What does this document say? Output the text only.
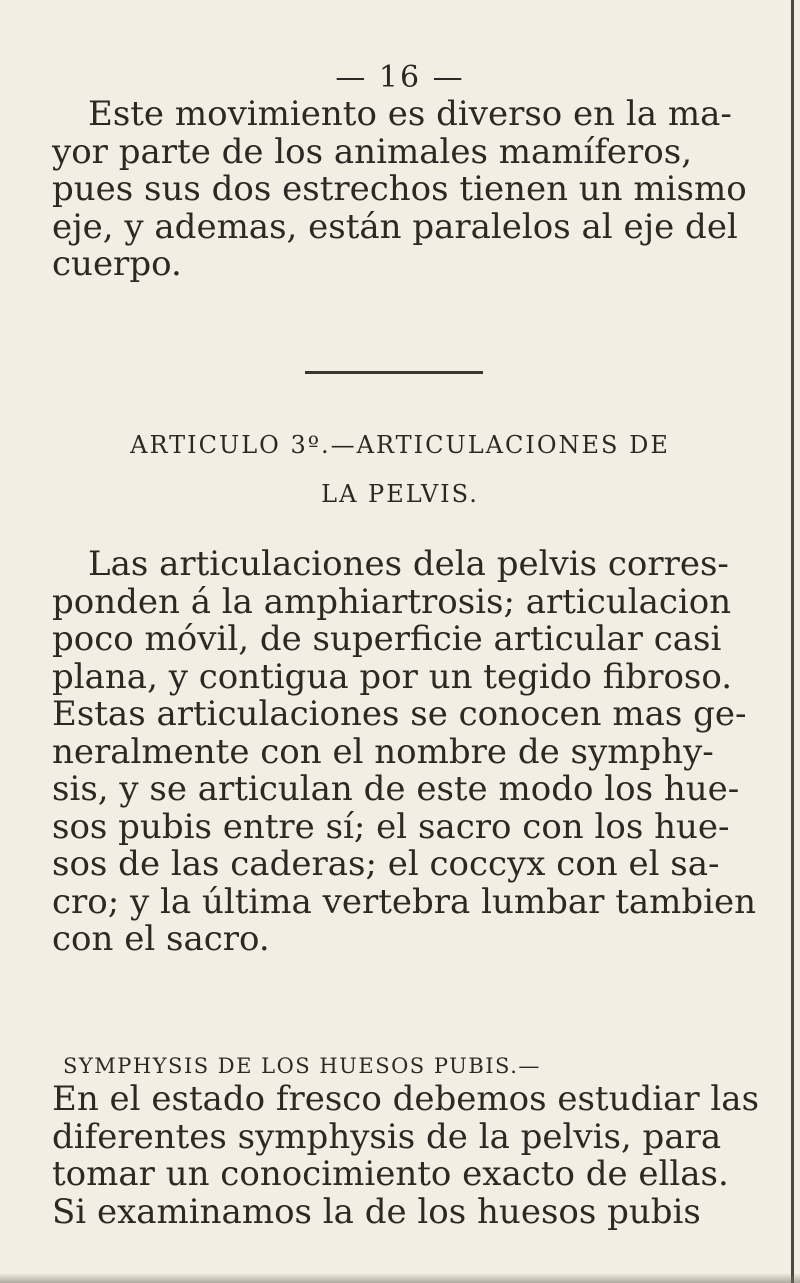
— 16 —
Este movimiento es diverso en la ma-
yor parte de los animales mamíferos,
pues sus dos estrechos tienen un mismo
eje, y ademas, están paralelos al eje del
cuerpo.
ARTICULO 3º.—ARTICULACIONES DE
LA PELVIS.
Las articulaciones dela pelvis corres-
ponden á la amphiartrosis; articulacion
poco móvil, de superficie articular casi
plana, y contigua por un tegido fibroso.
Estas articulaciones se conocen mas ge-
neralmente con el nombre de symphy-
sis, y se articulan de este modo los hue-
sos pubis entre sí; el sacro con los hue-
sos de las caderas; el coccyx con el sa-
cro; y la última vertebra lumbar tambien
con el sacro.
SYMPHYSIS DE LOS HUESOS PUBIS.—
En el estado fresco debemos estudiar las
diferentes symphysis de la pelvis, para
tomar un conocimiento exacto de ellas.
Si examinamos la de los huesos pubis
